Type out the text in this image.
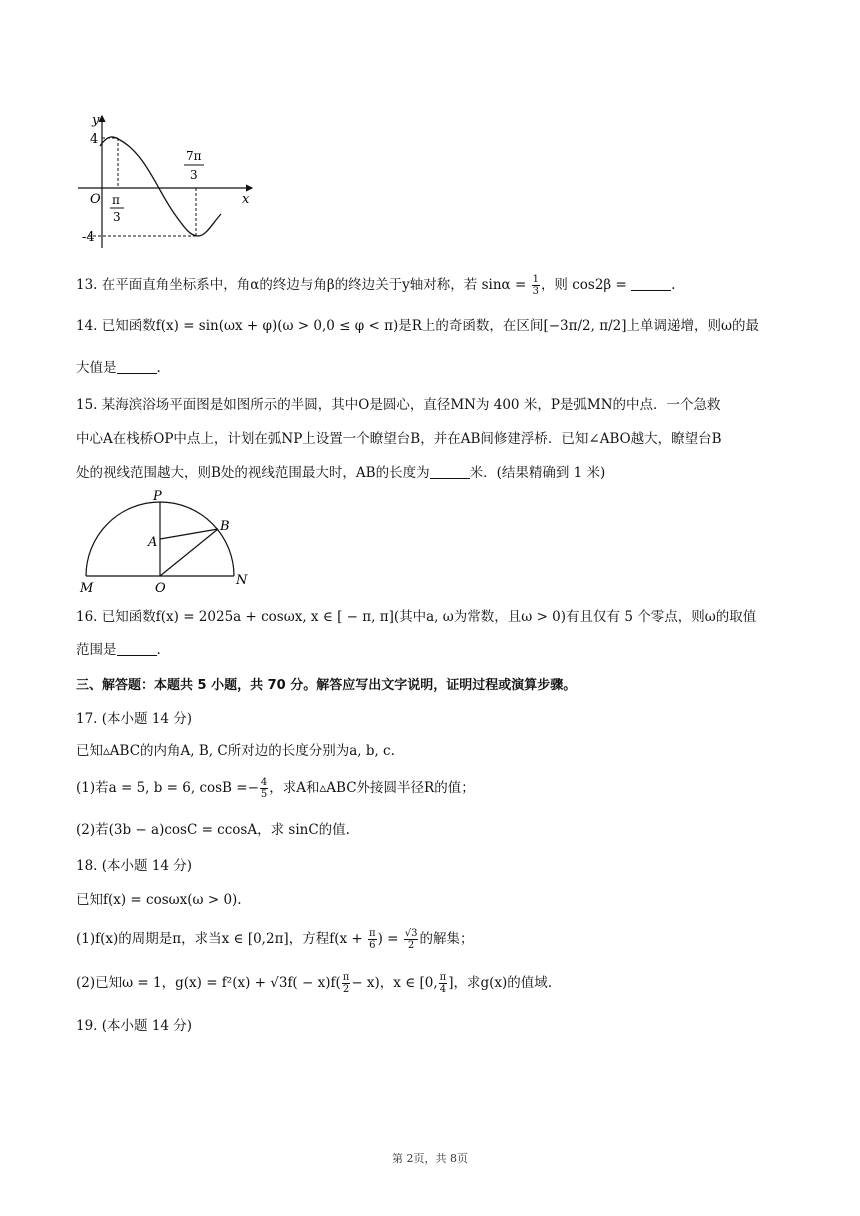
y
x
O
4
-4
π
3
7π
3
13. 在平面直角坐标系中，角α的终边与角β的终边关于y轴对称，若 $\sin\alpha = \frac{1}{3}$ ，则 cos2β =	.
14. 已知函数f(x) = sin(ωx + φ)(ω > 0,0 ≤ φ < π)是R上的奇函数，在区间[−3π/2, π/2]上单调递增，则ω的最
大值是	.
15. 某海滨浴场平面图是如图所示的半圆，其中O是圆心，直径MN为 400 米，P是弧MN的中点．一个急救
中心A在栈桥OP中点上，计划在弧NP上设置一个瞭望台B，并在AB间修建浮桥．已知∠ABO越大，瞭望台B
处的视线范围越大，则B处的视线范围最大时，AB的长度为	米．(结果精确到 1 米)
P
A
B
M	O
N
16. 已知函数f(x) = 2025a + cosωx, x ∈ [ − π, π](其中a, ω为常数，且ω > 0)有且仅有 5 个零点，则ω的取值
范围是	.
三、解答题：本题共 5 小题，共 70 分。解答应写出文字说明，证明过程或演算步骤。
17. (本小题 14 分)
已知▵ABC的内角A, B, C所对边的长度分别为a, b, c.
(1)若a = 5, b = 6, $\cos B =- \frac{4}{5}$ ，求A和▵ABC外接圆半径R的值；
(2)若(3b − a)cosC = ccosA，求 sinC的值.
18. (本小题 14 分)
已知f(x) = cosωx(ω > 0).
(1)f(x)的周期是π，求当x ∈ [0,2π]，方程$f(x + \frac{\pi}{6}$ ) = $\frac{√3}{2}$ 的解集；
(2)已知ω = 1，$g(x) = f^2(x) + √3f( - x)f( \frac{\pi}{2} - x)$，x ∈ [0, $\frac{\pi}{4}$ ]，求g(x)的值域.
19. (本小题 14 分)
第 2页，共 8页
